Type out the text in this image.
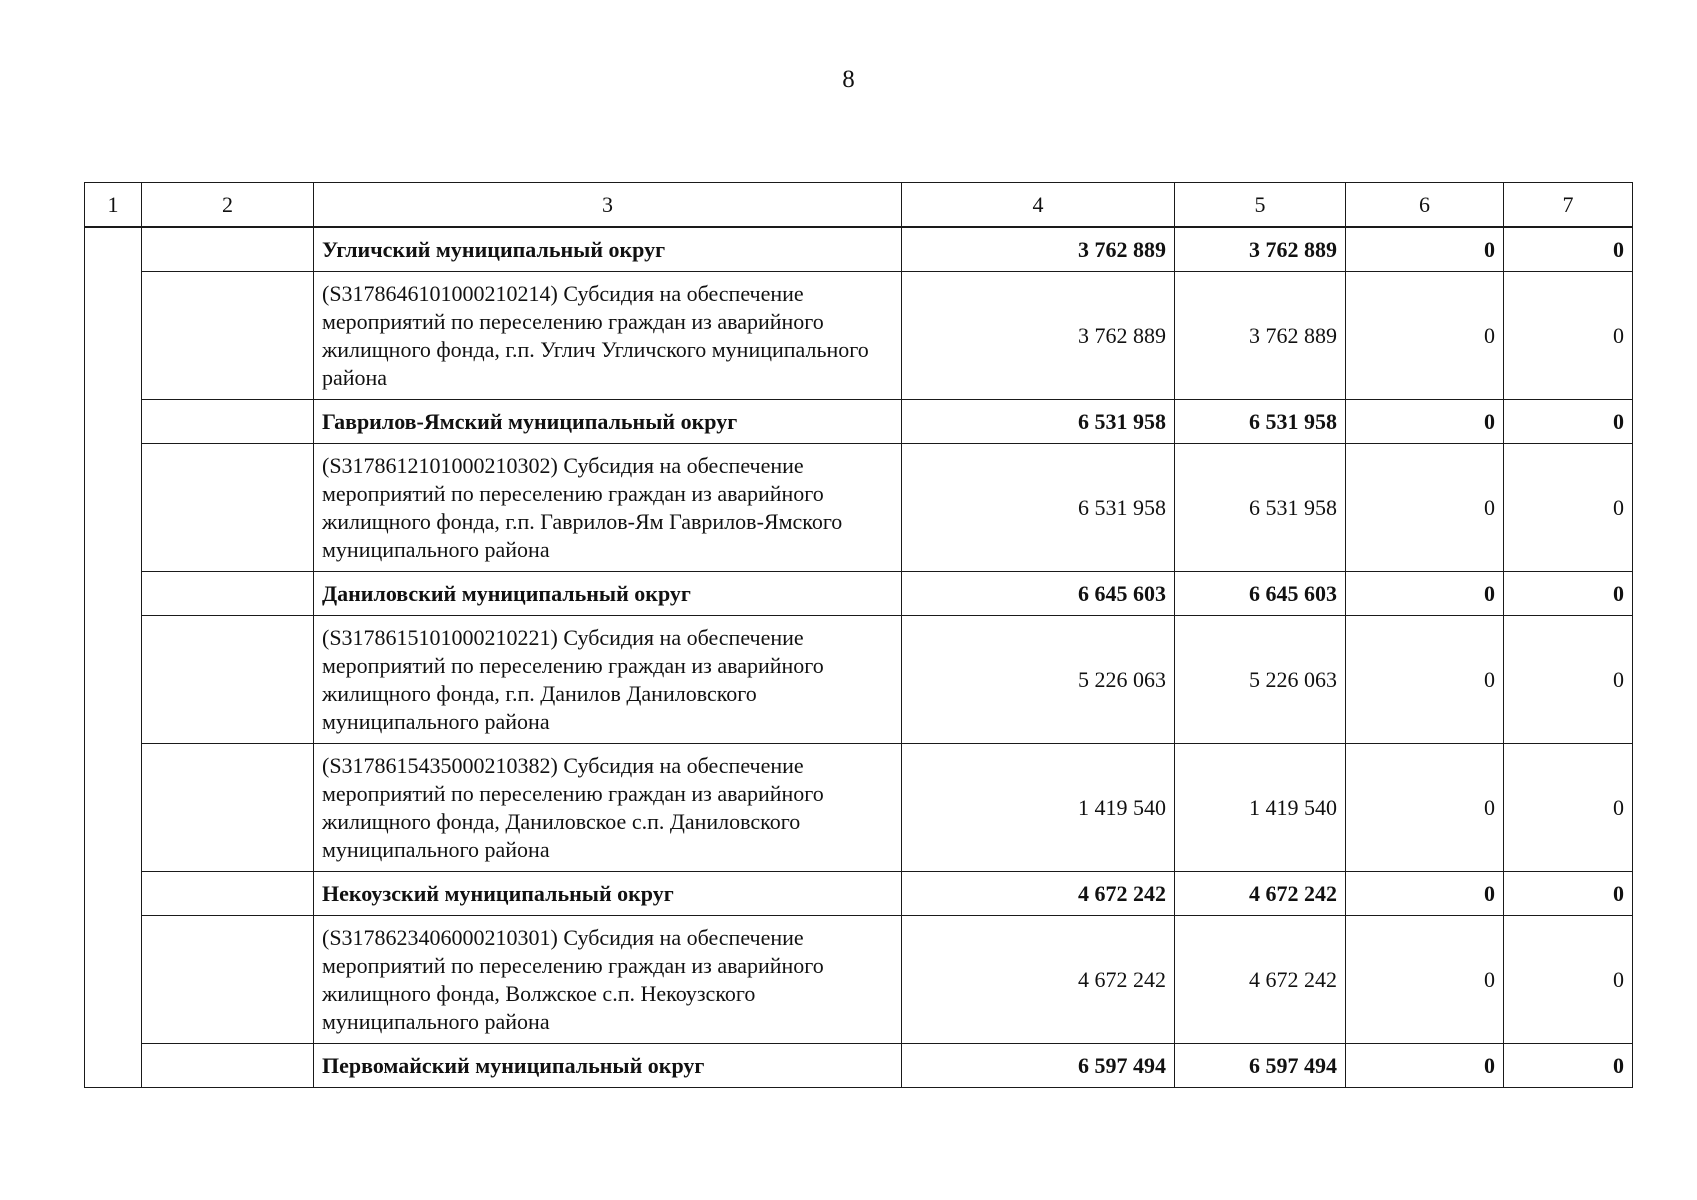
8
1	2	3	4	5	6	7
		Угличский муниципальный округ	3 762 889	3 762 889	0	0
		(S3178646101000210214) Субсидия на обеспечение мероприятий по переселению граждан из аварийного жилищного фонда, г.п. Углич Угличского муниципального района	3 762 889	3 762 889	0	0
		Гаврилов-Ямский муниципальный округ	6 531 958	6 531 958	0	0
		(S3178612101000210302) Субсидия на обеспечение мероприятий по переселению граждан из аварийного жилищного фонда, г.п. Гаврилов-Ям Гаврилов-Ямского муниципального района	6 531 958	6 531 958	0	0
		Даниловский муниципальный округ	6 645 603	6 645 603	0	0
		(S3178615101000210221) Субсидия на обеспечение мероприятий по переселению граждан из аварийного жилищного фонда, г.п. Данилов Даниловского муниципального района	5 226 063	5 226 063	0	0
		(S3178615435000210382) Субсидия на обеспечение мероприятий по переселению граждан из аварийного жилищного фонда, Даниловское с.п. Даниловского муниципального района	1 419 540	1 419 540	0	0
		Некоузский муниципальный округ	4 672 242	4 672 242	0	0
		(S3178623406000210301) Субсидия на обеспечение мероприятий по переселению граждан из аварийного жилищного фонда, Волжское с.п. Некоузского муниципального района	4 672 242	4 672 242	0	0
		Первомайский муниципальный округ	6 597 494	6 597 494	0	0
